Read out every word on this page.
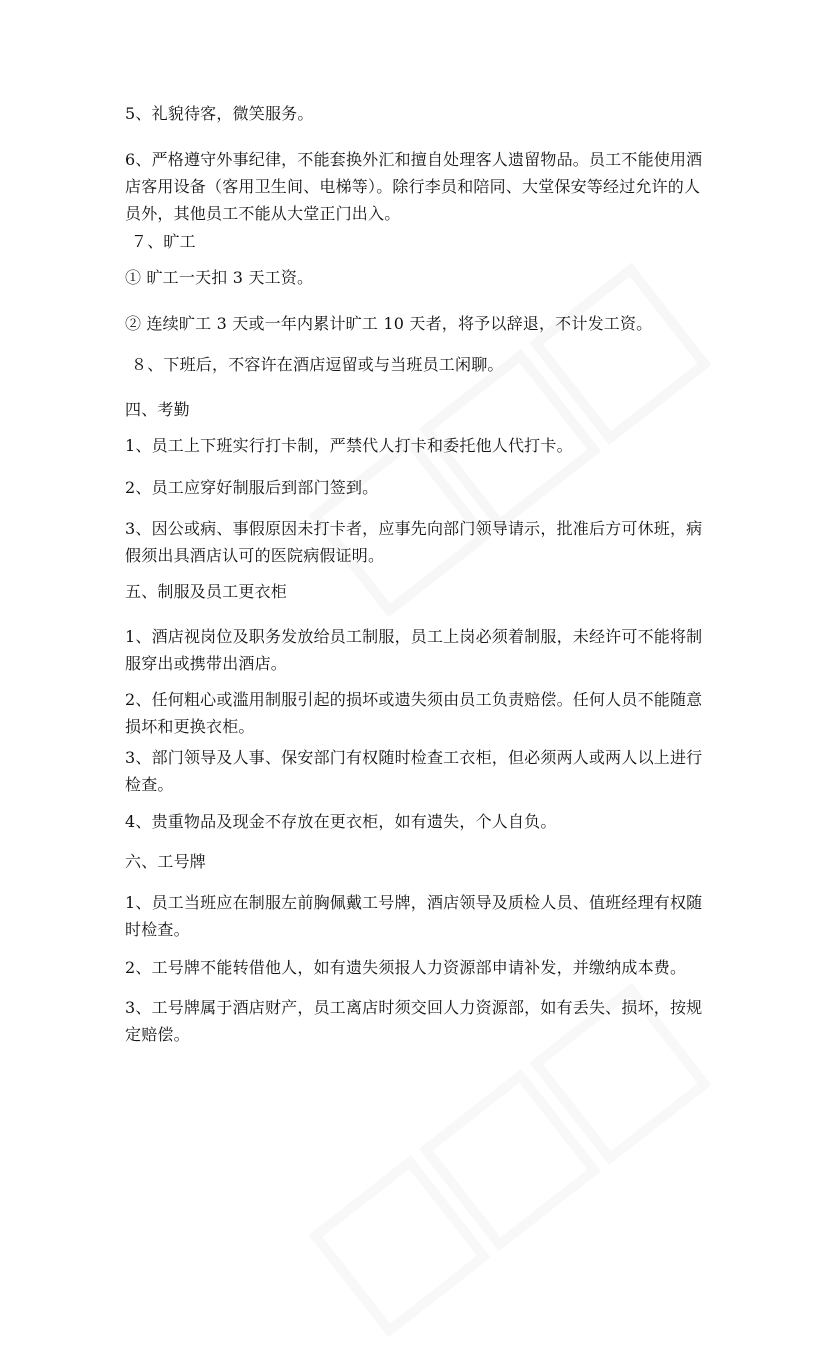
5、礼貌待客，微笑服务。

6、严格遵守外事纪律，不能套换外汇和擅自处理客人遗留物品。员工不能使用酒店客用设备（客用卫生间、电梯等）。除行李员和陪同、大堂保安等经过允许的人员外，其他员工不能从大堂正门出入。

７、旷工

① 旷工一天扣 3 天工资。

② 连续旷工 3 天或一年内累计旷工 10 天者，将予以辞退，不计发工资。

８、下班后，不容许在酒店逗留或与当班员工闲聊。

四、考勤

1、员工上下班实行打卡制，严禁代人打卡和委托他人代打卡。

2、员工应穿好制服后到部门签到。

3、因公或病、事假原因未打卡者，应事先向部门领导请示，批准后方可休班，病假须出具酒店认可的医院病假证明。

五、制服及员工更衣柜

1、酒店视岗位及职务发放给员工制服，员工上岗必须着制服，未经许可不能将制服穿出或携带出酒店。

2、任何粗心或滥用制服引起的损坏或遗失须由员工负责赔偿。任何人员不能随意损坏和更换衣柜。

3、部门领导及人事、保安部门有权随时检查工衣柜，但必须两人或两人以上进行检查。

4、贵重物品及现金不存放在更衣柜，如有遗失，个人自负。

六、工号牌

1、员工当班应在制服左前胸佩戴工号牌，酒店领导及质检人员、值班经理有权随时检查。

2、工号牌不能转借他人，如有遗失须报人力资源部申请补发，并缴纳成本费。

3、工号牌属于酒店财产，员工离店时须交回人力资源部，如有丢失、损坏，按规定赔偿。
